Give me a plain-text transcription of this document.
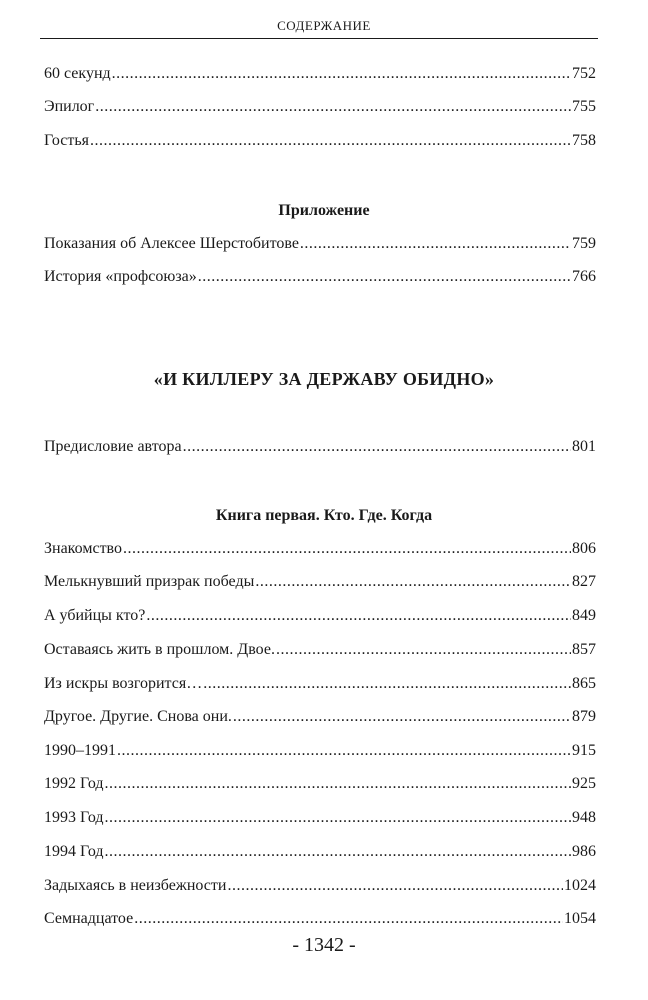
СОДЕРЖАНИЕ
60 секунд .....	752
Эпилог .....	755
Гостья .....	758
Приложение
Показания об Алексее Шерстобитове .....	759
История «профсоюза» .....	766
«И КИЛЛЕРУ ЗА ДЕРЖАВУ ОБИДНО»
Предисловие автора .....	801
Книга первая. Кто. Где. Когда
Знакомство .....	806
Мелькнувший призрак победы .....	827
А убийцы кто? .....	849
Оставаясь жить в прошлом. Двое. .....	857
Из искры возгорится… .....	865
Другое. Другие. Снова они. .....	879
1990–1991 .....	915
1992 Год .....	925
1993 Год .....	948
1994 Год .....	986
Задыхаясь в неизбежности .....	1024
Семнадцатое .....	1054
- 1342 -
